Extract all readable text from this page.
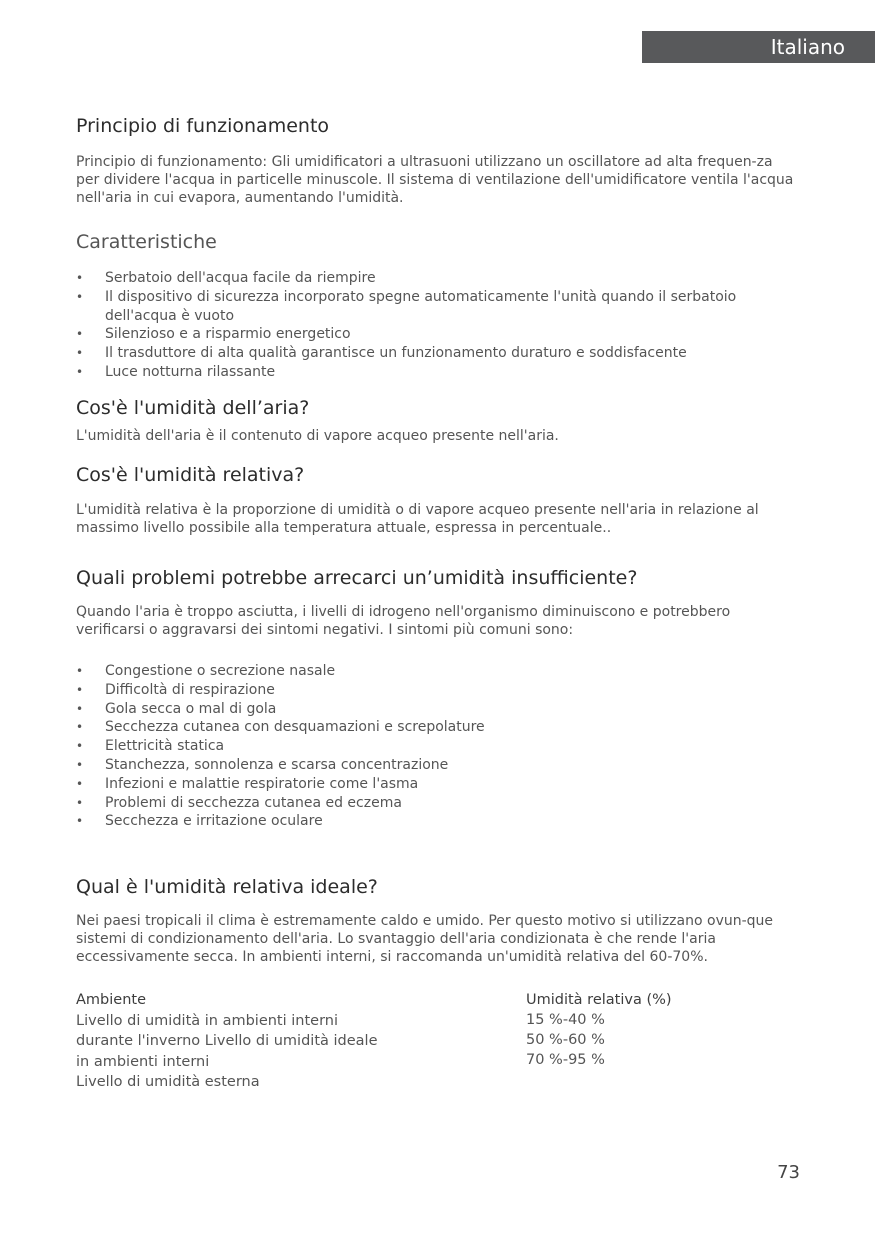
Italiano
Principio di funzionamento

Principio di funzionamento: Gli umidificatori a ultrasuoni utilizzano un oscillatore ad alta frequen-za per dividere l'acqua in particelle minuscole. Il sistema di ventilazione dell'umidificatore ventila l'acqua nell'aria in cui evapora, aumentando l'umidità.

Caratteristiche
• Serbatoio dell'acqua facile da riempire
• Il dispositivo di sicurezza incorporato spegne automaticamente l'unità quando il serbatoio dell'acqua è vuoto
• Silenzioso e a risparmio energetico
• Il trasduttore di alta qualità garantisce un funzionamento duraturo e soddisfacente
• Luce notturna rilassante
Cos'è l'umidità dell’aria?

L'umidità dell'aria è il contenuto di vapore acqueo presente nell'aria.

Cos'è l'umidità relativa?

L'umidità relativa è la proporzione di umidità o di vapore acqueo presente nell'aria in relazione al massimo livello possibile alla temperatura attuale, espressa in percentuale..

Quali problemi potrebbe arrecarci un’umidità insufficiente?

Quando l'aria è troppo asciutta, i livelli di idrogeno nell'organismo diminuiscono e potrebbero verificarsi o aggravarsi dei sintomi negativi. I sintomi più comuni sono:

• Congestione o secrezione nasale
• Difficoltà di respirazione
• Gola secca o mal di gola
• Secchezza cutanea con desquamazioni e screpolature
• Elettricità statica
• Stanchezza, sonnolenza e scarsa concentrazione
• Infezioni e malattie respiratorie come l'asma
• Problemi di secchezza cutanea ed eczema
• Secchezza e irritazione oculare
Qual è l'umidità relativa ideale?

Nei paesi tropicali il clima è estremamente caldo e umido. Per questo motivo si utilizzano ovun-que sistemi di condizionamento dell'aria. Lo svantaggio dell'aria condizionata è che rende l'aria eccessivamente secca. In ambienti interni, si raccomanda un'umidità relativa del 60-70%.

Ambiente
Livello di umidità in ambienti interni
durante l'inverno Livello di umidità ideale
in ambienti interni
Livello di umidità esterna
Umidità relativa (%)
15 %-40 %
50 %-60 %
70 %-95 %
73
